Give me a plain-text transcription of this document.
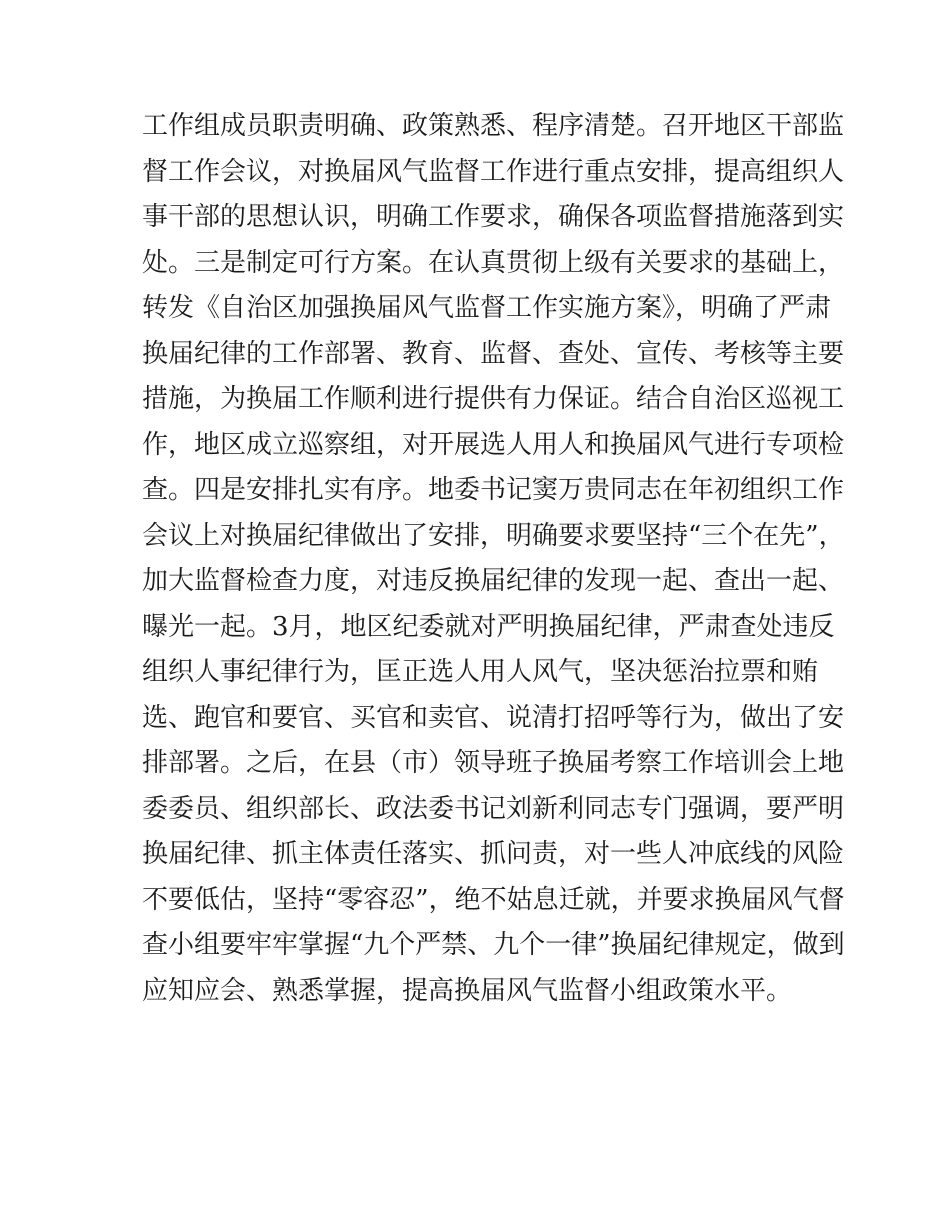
工作组成员职责明确、政策熟悉、程序清楚。召开地区干部监
督工作会议，对换届风气监督工作进行重点安排，提高组织人
事干部的思想认识，明确工作要求，确保各项监督措施落到实
处。三是制定可行方案。在认真贯彻上级有关要求的基础上，
转发《自治区加强换届风气监督工作实施方案》，明确了严肃
换届纪律的工作部署、教育、监督、查处、宣传、考核等主要
措施，为换届工作顺利进行提供有力保证。结合自治区巡视工
作，地区成立巡察组，对开展选人用人和换届风气进行专项检
查。四是安排扎实有序。地委书记窦万贵同志在年初组织工作
会议上对换届纪律做出了安排，明确要求要坚持“三个在先”，
加大监督检查力度，对违反换届纪律的发现一起、查出一起、
曝光一起。3月，地区纪委就对严明换届纪律，严肃查处违反
组织人事纪律行为，匡正选人用人风气，坚决惩治拉票和贿
选、跑官和要官、买官和卖官、说清打招呼等行为，做出了安
排部署。之后，在县（市）领导班子换届考察工作培训会上地
委委员、组织部长、政法委书记刘新利同志专门强调，要严明
换届纪律、抓主体责任落实、抓问责，对一些人冲底线的风险
不要低估，坚持“零容忍”，绝不姑息迁就，并要求换届风气督
查小组要牢牢掌握“九个严禁、九个一律”换届纪律规定，做到
应知应会、熟悉掌握，提高换届风气监督小组政策水平。
